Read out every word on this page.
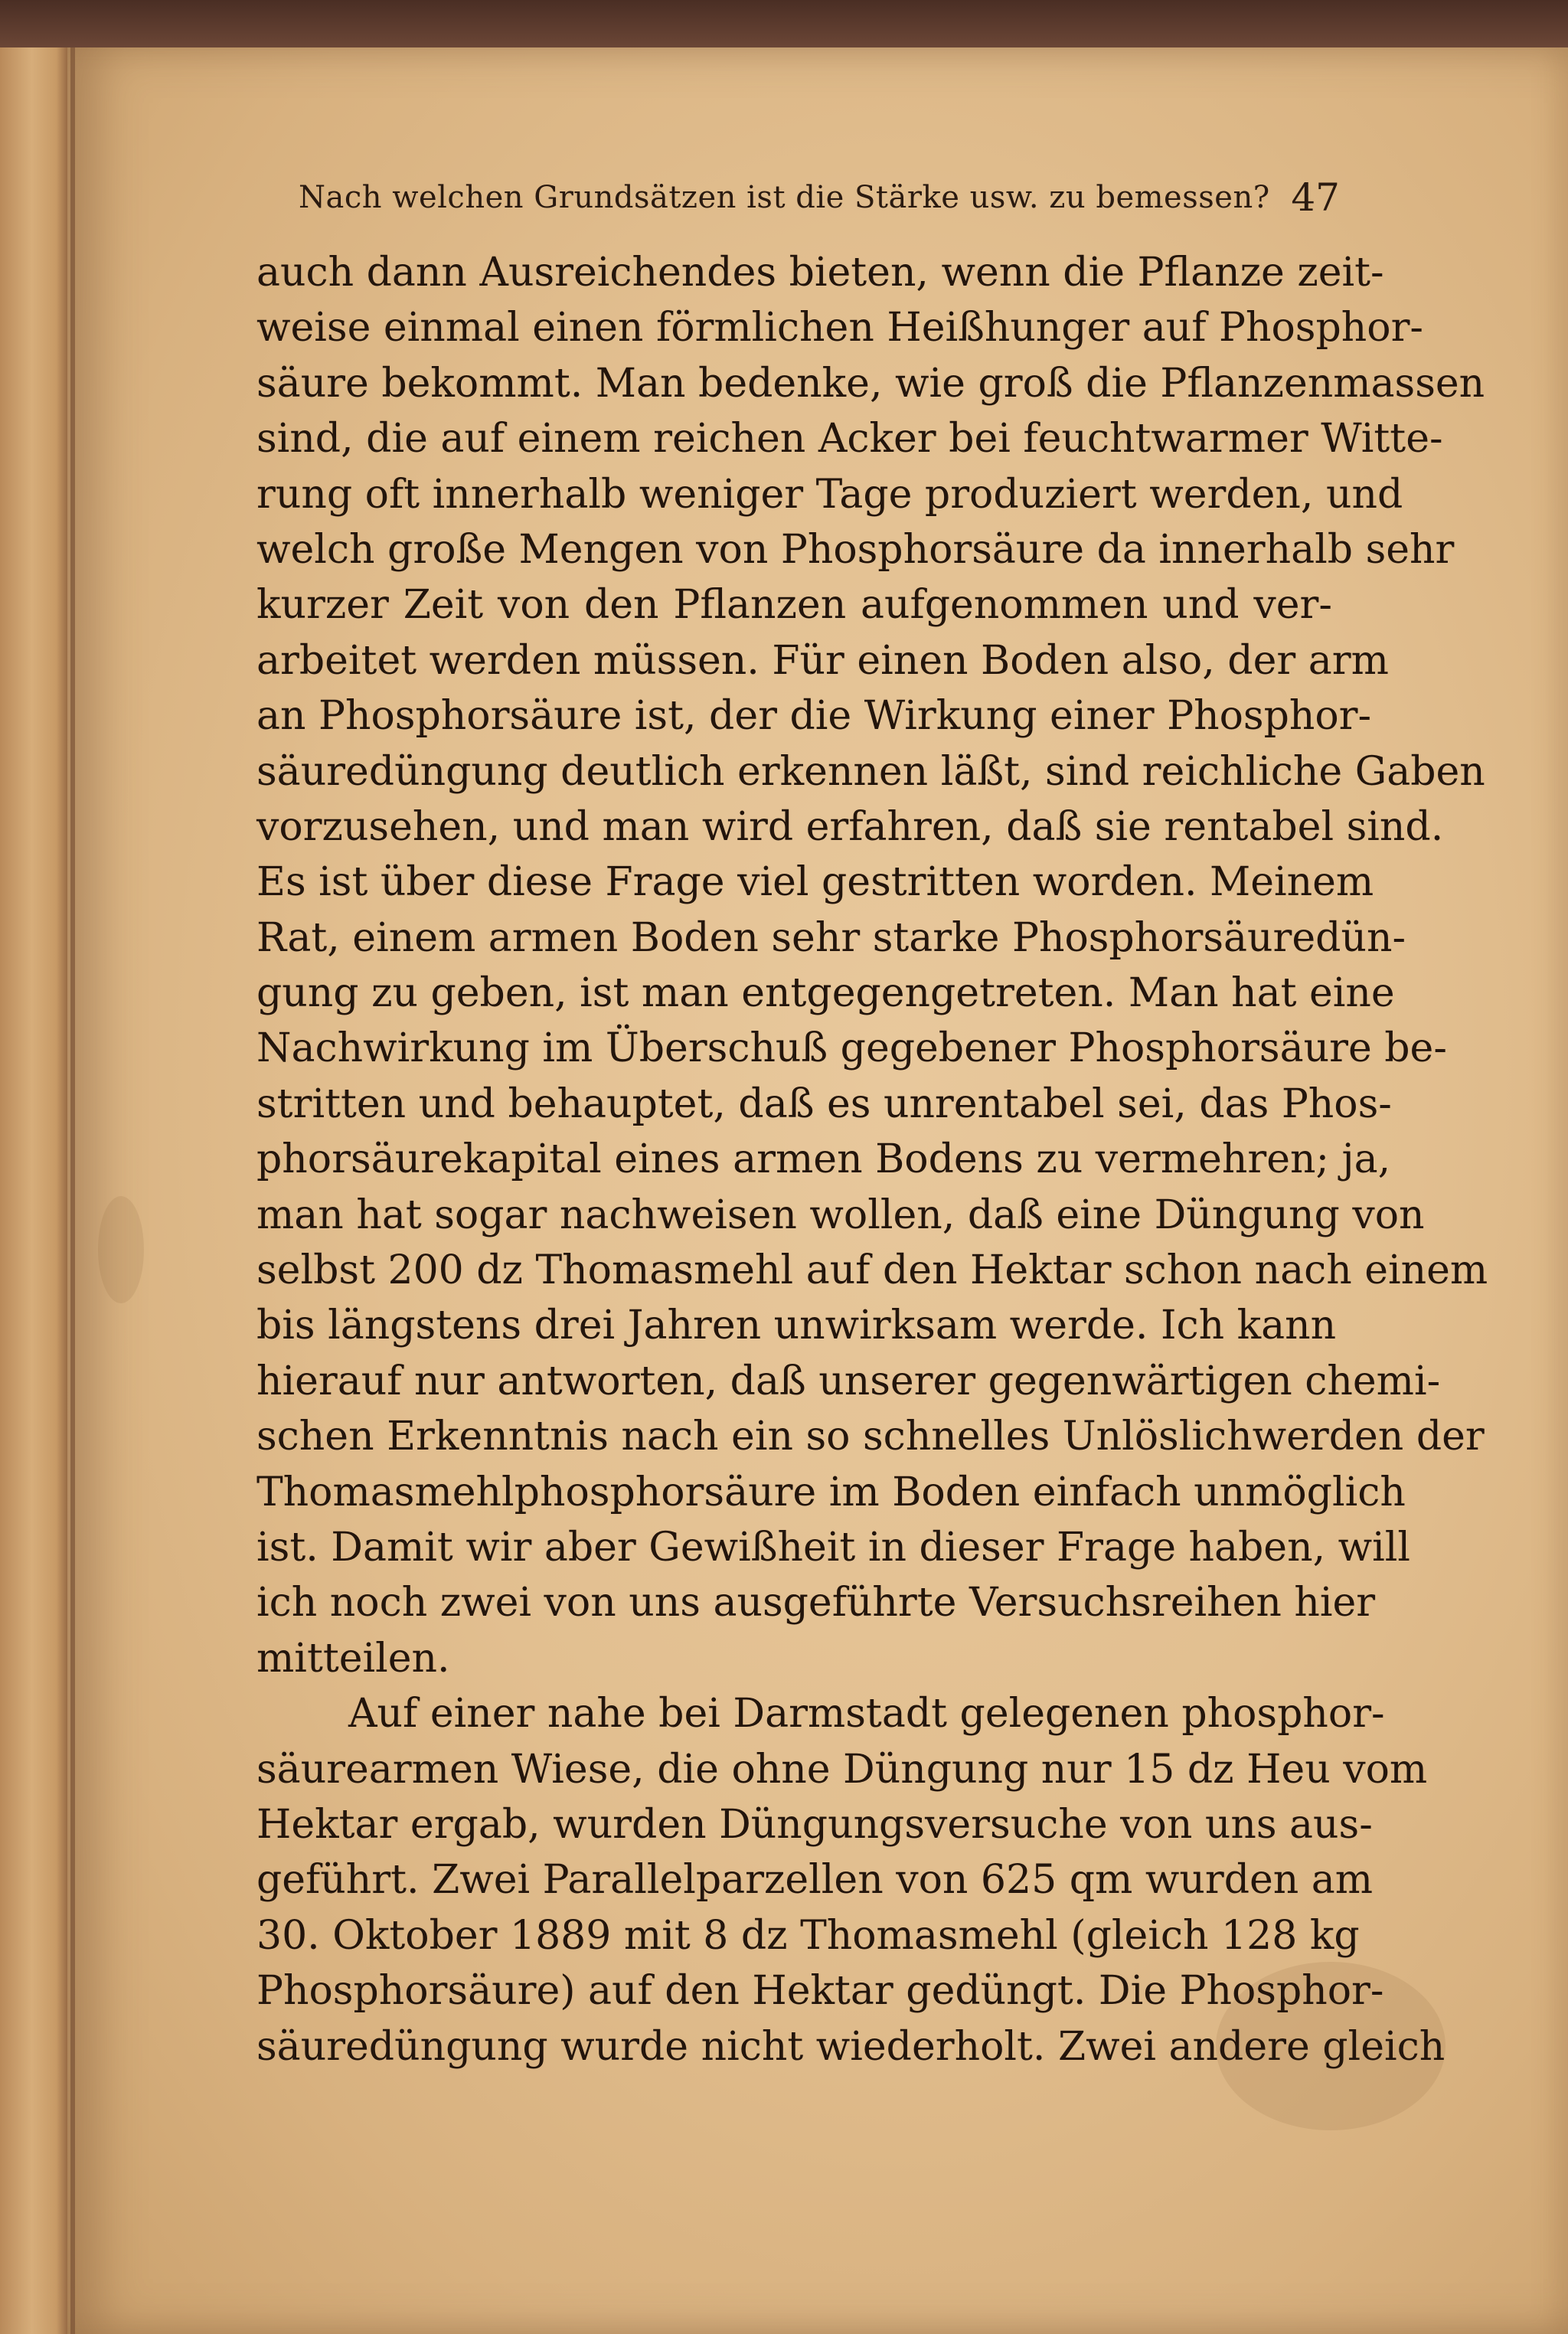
Nach welchen Grundsätzen ist die Stärke usw. zu bemessen? 47
auch dann Ausreichendes bieten, wenn die Pflanze zeit-
weise einmal einen förmlichen Heißhunger auf Phosphor-
säure bekommt. Man bedenke, wie groß die Pflanzenmassen
sind, die auf einem reichen Acker bei feuchtwarmer Witte-
rung oft innerhalb weniger Tage produziert werden, und
welch große Mengen von Phosphorsäure da innerhalb sehr
kurzer Zeit von den Pflanzen aufgenommen und ver-
arbeitet werden müssen. Für einen Boden also, der arm
an Phosphorsäure ist, der die Wirkung einer Phosphor-
säuredüngung deutlich erkennen läßt, sind reichliche Gaben
vorzusehen, und man wird erfahren, daß sie rentabel sind.
Es ist über diese Frage viel gestritten worden. Meinem
Rat, einem armen Boden sehr starke Phosphorsäuredün-
gung zu geben, ist man entgegengetreten. Man hat eine
Nachwirkung im Überschuß gegebener Phosphorsäure be-
stritten und behauptet, daß es unrentabel sei, das Phos-
phorsäurekapital eines armen Bodens zu vermehren; ja,
man hat sogar nachweisen wollen, daß eine Düngung von
selbst 200 dz Thomasmehl auf den Hektar schon nach einem
bis längstens drei Jahren unwirksam werde. Ich kann
hierauf nur antworten, daß unserer gegenwärtigen chemi-
schen Erkenntnis nach ein so schnelles Unlöslichwerden der
Thomasmehlphosphorsäure im Boden einfach unmöglich
ist. Damit wir aber Gewißheit in dieser Frage haben, will
ich noch zwei von uns ausgeführte Versuchsreihen hier
mitteilen.
Auf einer nahe bei Darmstadt gelegenen phosphor-
säurearmen Wiese, die ohne Düngung nur 15 dz Heu vom
Hektar ergab, wurden Düngungsversuche von uns aus-
geführt. Zwei Parallelparzellen von 625 qm wurden am
30. Oktober 1889 mit 8 dz Thomasmehl (gleich 128 kg
Phosphorsäure) auf den Hektar gedüngt. Die Phosphor-
säuredüngung wurde nicht wiederholt. Zwei andere gleich
